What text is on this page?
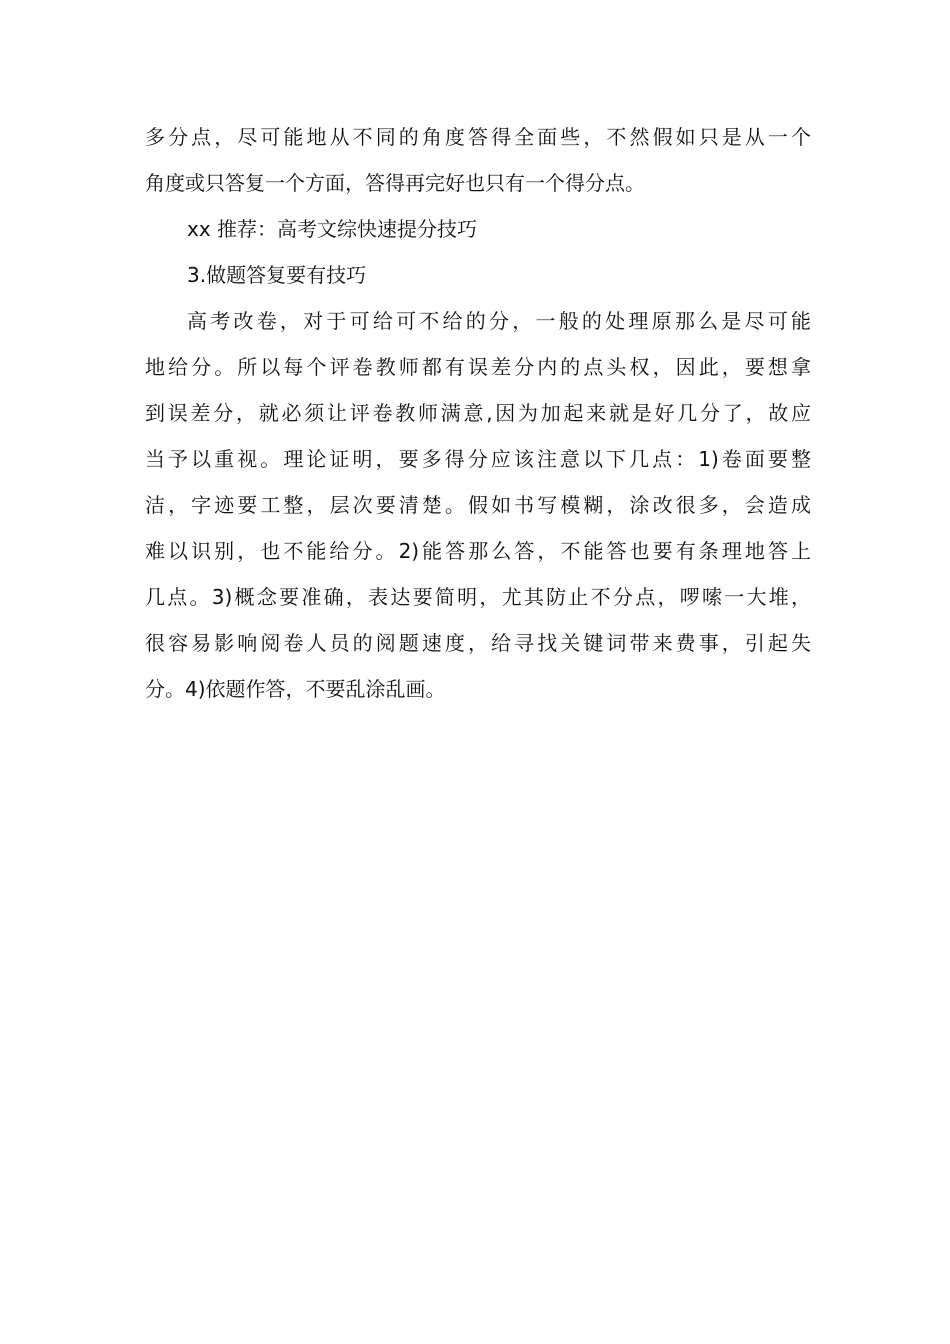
多分点，尽可能地从不同的角度答得全面些，不然假如只是从一个
角度或只答复一个方面，答得再完好也只有一个得分点。
xx 推荐：高考文综快速提分技巧
3.做题答复要有技巧
高考改卷，对于可给可不给的分，一般的处理原那么是尽可能
地给分。所以每个评卷教师都有误差分内的点头权，因此，要想拿
到误差分，就必须让评卷教师满意,因为加起来就是好几分了，故应
当予以重视。理论证明，要多得分应该注意以下几点：1)卷面要整
洁，字迹要工整，层次要清楚。假如书写模糊，涂改很多，会造成
难以识别，也不能给分。2)能答那么答，不能答也要有条理地答上
几点。3)概念要准确，表达要简明，尤其防止不分点，啰嗦一大堆，
很容易影响阅卷人员的阅题速度，给寻找关键词带来费事，引起失
分。4)依题作答，不要乱涂乱画。
